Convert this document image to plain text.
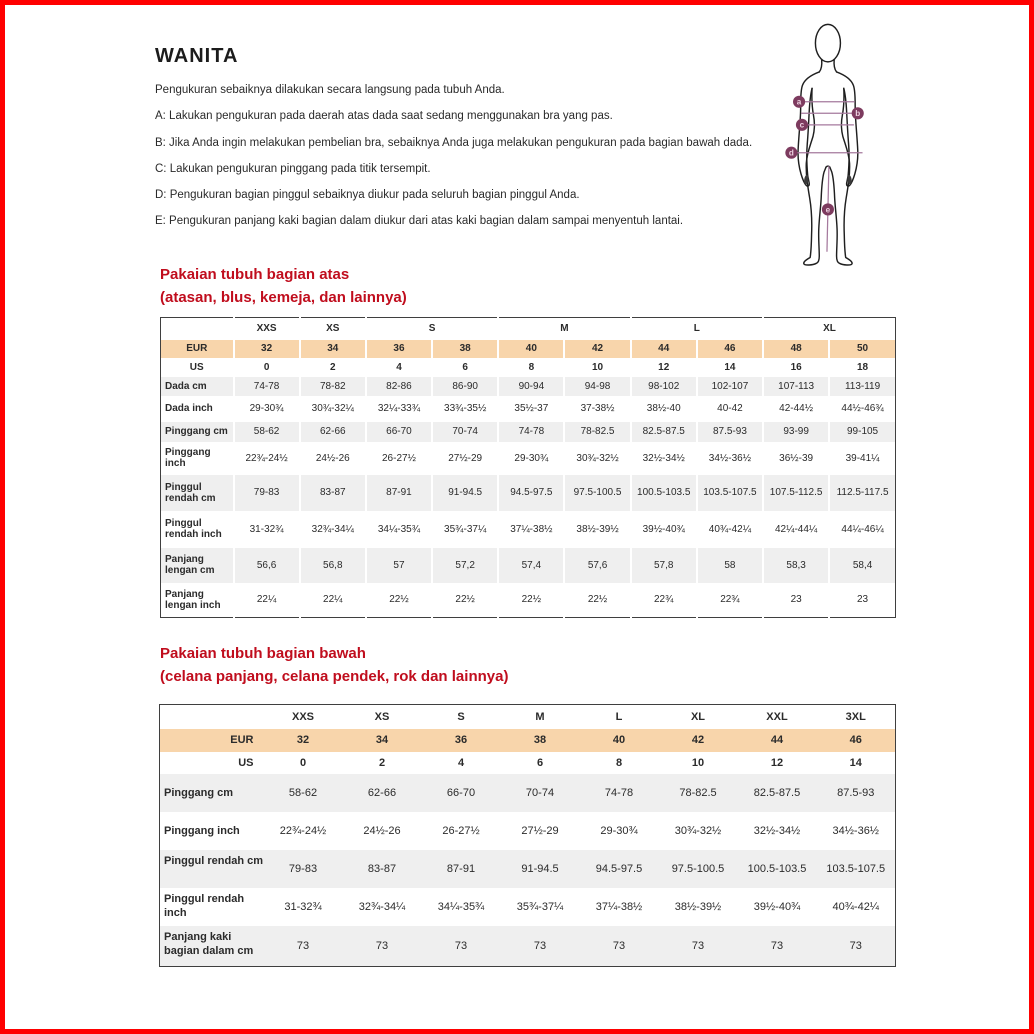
WANITA

Pengukuran sebaiknya dilakukan secara langsung pada tubuh Anda.

A: Lakukan pengukuran pada daerah atas dada saat sedang menggunakan bra yang pas.

B: Jika Anda ingin melakukan pembelian bra, sebaiknya Anda juga melakukan pengukuran pada bagian bawah dada.

C: Lakukan pengukuran pinggang pada titik tersempit.

D: Pengukuran bagian pinggul sebaiknya diukur pada seluruh bagian pinggul Anda.

E: Pengukuran panjang kaki bagian dalam diukur dari atas kaki bagian dalam sampai menyentuh lantai.

a
b
c
d
e
Pakaian tubuh bagian atas
(atasan, blus, kemeja, dan lainnya)
	XXS	XS	S		M		L		XL	
EUR	32	34	36	38	40	42	44	46	48	50
US	0	2	4	6	8	10	12	14	16	18
Dada cm	74-78	78-82	82-86	86-90	90-94	94-98	98-102	102-107	107-113	113-119
Dada inch	29-30¾	30¾-32¼	32¼-33¾	33¾-35½	35½-37	37-38½	38½-40	40-42	42-44½	44½-46¾
Pinggang cm	58-62	62-66	66-70	70-74	74-78	78-82.5	82.5-87.5	87.5-93	93-99	99-105
Pinggang inch	22¾-24½	24½-26	26-27½	27½-29	29-30¾	30¾-32½	32½-34½	34½-36½	36½-39	39-41¼
Pinggul rendah cm	79-83	83-87	87-91	91-94.5	94.5-97.5	97.5-100.5	100.5-103.5	103.5-107.5	107.5-112.5	112.5-117.5
Pinggul rendah inch	31-32¾	32¾-34¼	34¼-35¾	35¾-37¼	37¼-38½	38½-39½	39½-40¾	40¾-42¼	42¼-44¼	44¼-46¼
Panjang lengan cm	56,6	56,8	57	57,2	57,4	57,6	57,8	58	58,3	58,4
Panjang lengan inch	22¼	22¼	22½	22½	22½	22½	22¾	22¾	23	23
Pakaian tubuh bagian bawah
(celana panjang, celana pendek, rok dan lainnya)
	XXS	XS	S	M	L	XL	XXL	3XL
EUR	32	34	36	38	40	42	44	46
US	0	2	4	6	8	10	12	14
Pinggang cm	58-62	62-66	66-70	70-74	74-78	78-82.5	82.5-87.5	87.5-93
Pinggang inch	22¾-24½	24½-26	26-27½	27½-29	29-30¾	30¾-32½	32½-34½	34½-36½
Pinggul rendah cm	79-83	83-87	87-91	91-94.5	94.5-97.5	97.5-100.5	100.5-103.5	103.5-107.5
Pinggul rendah inch	31-32¾	32¾-34¼	34¼-35¾	35¾-37¼	37¼-38½	38½-39½	39½-40¾	40¾-42¼
Panjang kaki bagian dalam cm	73	73	73	73	73	73	73	73
